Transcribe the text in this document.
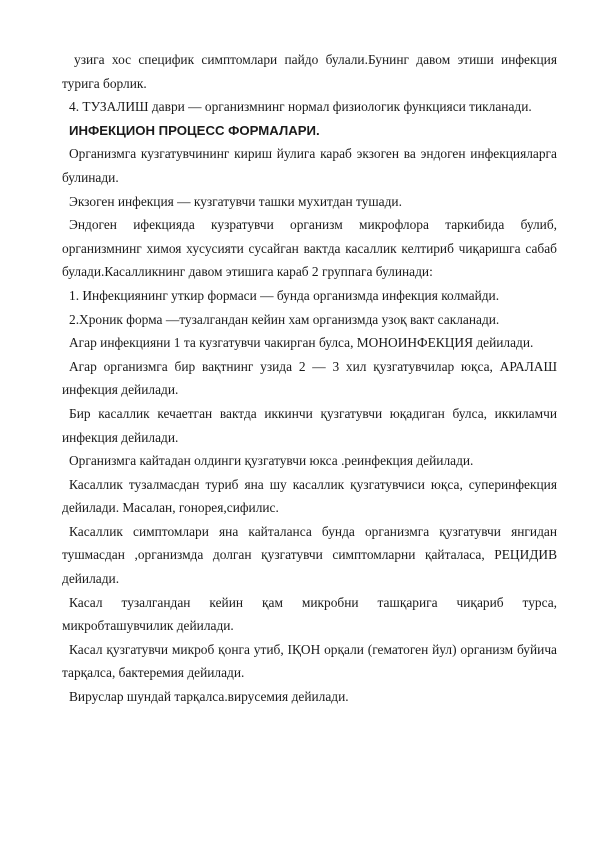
узига хос специфик симптомлари пайдо булали.Бунинг давом этиши инфекция турига борлик.

4. ТУЗАЛИШ даври — организмнинг нормал физиологик функцияси тикланади.

ИНФЕКЦИОН ПРОЦЕСС ФОРМАЛАРИ.

Организмга кузгатувчининг кириш йулига караб экзоген ва эндоген инфекцияларга булинади.

Экзоген инфекция — кузгатувчи ташки мухитдан тушади.

Эндоген ифекцияда кузратувчи организм микрофлора таркибида булиб, организмнинг химоя хусусияти сусайган вактда касаллик келтириб чиқаришга сабаб булади.Касалликнинг давом этишига караб 2 группага булинади:

1. Инфекциянинг уткир формаси — бунда организмда инфекция колмайди.

2.Хроник форма —тузалгандан кейин хам организмда узоқ вакт сакланади.

Агар инфекцияни 1 та кузгатувчи чакирган булса, МОНОИНФЕКЦИЯ дейилади.

Агар организмга бир вақтнинг узида 2 — 3 хил қузгатувчилар юқса, АРАЛАШ инфекция дейилади.

Бир касаллик кечаетган вактда иккинчи қузгатувчи юқадиган булса, иккиламчи инфекция дейилади.

Организмга кайтадан олдинги қузгатувчи юкса .реинфекция дейилади.

Касаллик тузалмасдан туриб яна шу касаллик қузгатувчиси юқса, суперинфекция дейилади. Масалан, гонорея,сифилис.

Касаллик симптомлари яна кайталанса бунда организмга қузгатувчи янгидан тушмасдан ,организмда долган қузгатувчи симптомларни қайталаса, РЕЦИДИВ дейилади.

Касал тузалгандан кейин қам микробни ташқарига чиқариб турса, микробташувчилик дейилади.

Касал қузгатувчи микроб қонга утиб, IҚОН орқали (гематоген йул) организм буйича тарқалса, бактеремия дейилади.

Вируслар шундай тарқалса.вирусемия дейилади.
